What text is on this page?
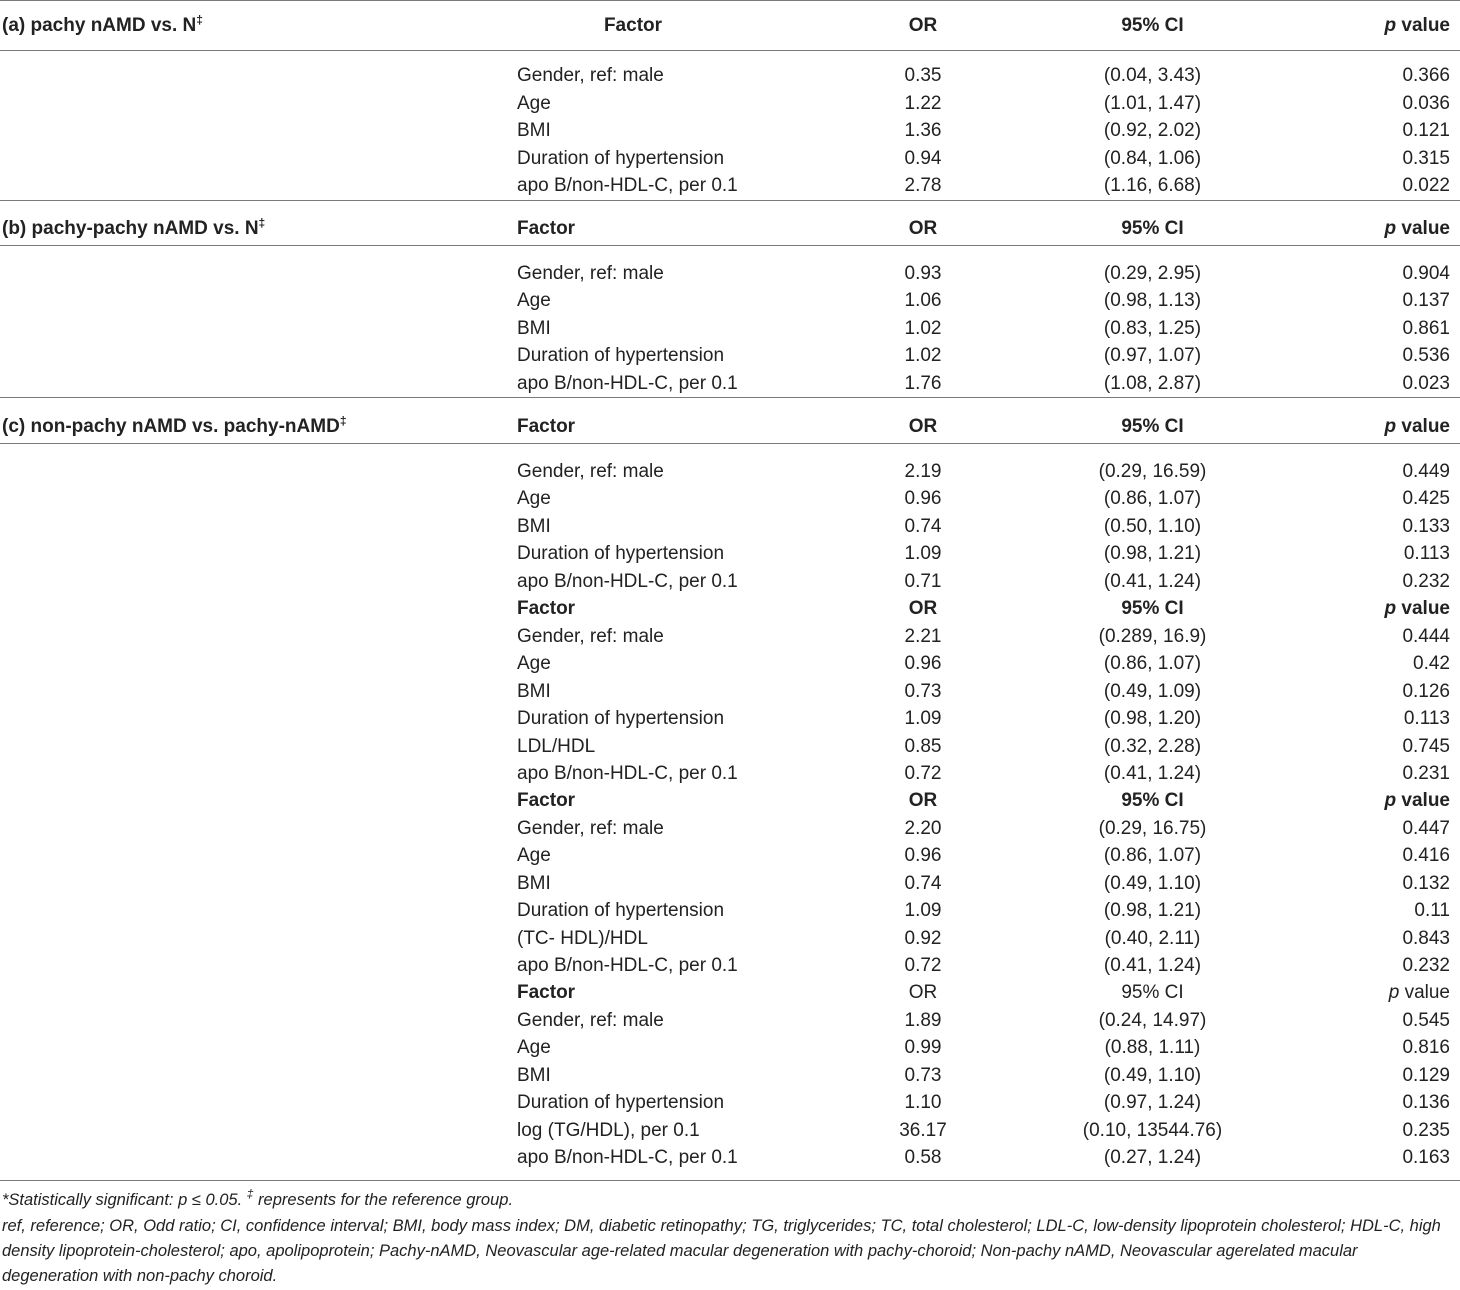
(a) pachy nAMD vs. N‡	Factor	OR	95% CI	p value
Gender, ref: male	0.35	(0.04, 3.43)	0.366
Age	1.22	(1.01, 1.47)	0.036
BMI	1.36	(0.92, 2.02)	0.121
Duration of hypertension	0.94	(0.84, 1.06)	0.315
apo B/non-HDL-C, per 0.1	2.78	(1.16, 6.68)	0.022
(b) pachy-pachy nAMD vs. N‡	Factor	OR	95% CI	p value
Gender, ref: male	0.93	(0.29, 2.95)	0.904
Age	1.06	(0.98, 1.13)	0.137
BMI	1.02	(0.83, 1.25)	0.861
Duration of hypertension	1.02	(0.97, 1.07)	0.536
apo B/non-HDL-C, per 0.1	1.76	(1.08, 2.87)	0.023
(c) non-pachy nAMD vs. pachy-nAMD‡	Factor	OR	95% CI	p value
Gender, ref: male	2.19	(0.29, 16.59)	0.449
Age	0.96	(0.86, 1.07)	0.425
BMI	0.74	(0.50, 1.10)	0.133
Duration of hypertension	1.09	(0.98, 1.21)	0.113
apo B/non-HDL-C, per 0.1	0.71	(0.41, 1.24)	0.232
Factor	OR	95% CI	p value
Gender, ref: male	2.21	(0.289, 16.9)	0.444
Age	0.96	(0.86, 1.07)	0.42
BMI	0.73	(0.49, 1.09)	0.126
Duration of hypertension	1.09	(0.98, 1.20)	0.113
LDL/HDL	0.85	(0.32, 2.28)	0.745
apo B/non-HDL-C, per 0.1	0.72	(0.41, 1.24)	0.231
Factor	OR	95% CI	p value
Gender, ref: male	2.20	(0.29, 16.75)	0.447
Age	0.96	(0.86, 1.07)	0.416
BMI	0.74	(0.49, 1.10)	0.132
Duration of hypertension	1.09	(0.98, 1.21)	0.11
(TC- HDL)/HDL	0.92	(0.40, 2.11)	0.843
apo B/non-HDL-C, per 0.1	0.72	(0.41, 1.24)	0.232
Factor	OR	95% CI	p value
Gender, ref: male	1.89	(0.24, 14.97)	0.545
Age	0.99	(0.88, 1.11)	0.816
BMI	0.73	(0.49, 1.10)	0.129
Duration of hypertension	1.10	(0.97, 1.24)	0.136
log (TG/HDL), per 0.1	36.17	(0.10, 13544.76)	0.235
apo B/non-HDL-C, per 0.1	0.58	(0.27, 1.24)	0.163
*Statistically significant: p ≤ 0.05. ‡ represents for the reference group.
ref, reference; OR, Odd ratio; CI, confidence interval; BMI, body mass index; DM, diabetic retinopathy; TG, triglycerides; TC, total cholesterol; LDL-C, low-density lipoprotein cholesterol; HDL-C, high density lipoprotein-cholesterol; apo, apolipoprotein; Pachy-nAMD, Neovascular age-related macular degeneration with pachy-choroid; Non-pachy nAMD, Neovascular agerelated macular degeneration with non-pachy choroid.
